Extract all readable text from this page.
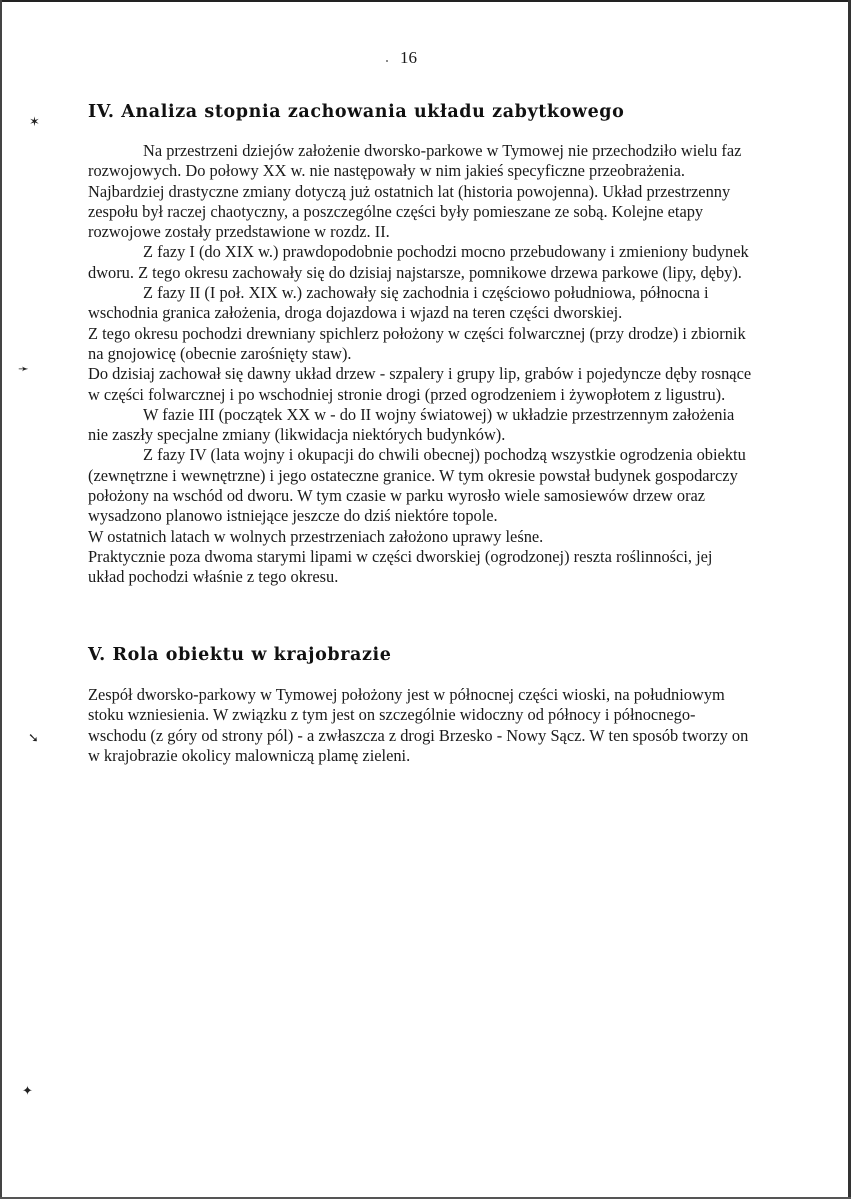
16
✶
➛
➘
✦
IV. Analiza stopnia zachowania układu zabytkowego

Na przestrzeni dziejów założenie dworsko-parkowe w Tymowej nie przechodziło wielu faz rozwojowych. Do połowy XX w. nie następowały w nim jakieś specyficzne przeobrażenia. Najbardziej drastyczne zmiany dotyczą już ostatnich lat (historia powojenna). Układ przestrzenny zespołu był raczej chaotyczny, a poszczególne części były pomieszane ze sobą. Kolejne etapy rozwojowe zostały przedstawione w rozdz. II.

Z fazy I (do XIX w.) prawdopodobnie pochodzi mocno przebudowany i zmieniony budynek dworu. Z tego okresu zachowały się do dzisiaj najstarsze, pomnikowe drzewa parkowe (lipy, dęby).

Z fazy II (I poł. XIX w.) zachowały się zachodnia i częściowo południowa, północna i wschodnia granica założenia, droga dojazdowa i wjazd na teren części dworskiej.

Z tego okresu pochodzi drewniany spichlerz położony w części folwarcznej (przy drodze) i zbiornik na gnojowicę (obecnie zarośnięty staw).

Do dzisiaj zachował się dawny układ drzew - szpalery i grupy lip, grabów i pojedyncze dęby rosnące w części folwarcznej i po wschodniej stronie drogi (przed ogrodzeniem i żywopłotem z ligustru).

W fazie III (początek XX w - do II wojny światowej) w układzie przestrzennym założenia nie zaszły specjalne zmiany (likwidacja niektórych budynków).

Z fazy IV (lata wojny i okupacji do chwili obecnej) pochodzą wszystkie ogrodzenia obiektu (zewnętrzne i wewnętrzne) i jego ostateczne granice. W tym okresie powstał budynek gospodarczy położony na wschód od dworu. W tym czasie w parku wyrosło wiele samosiewów drzew oraz wysadzono planowo istniejące jeszcze do dziś niektóre topole.

W ostatnich latach w wolnych przestrzeniach założono uprawy leśne.

Praktycznie poza dwoma starymi lipami w części dworskiej (ogrodzonej) reszta roślinności, jej układ pochodzi właśnie z tego okresu.

V. Rola obiektu w krajobrazie

Zespół dworsko-parkowy w Tymowej położony jest w północnej części wioski, na południowym stoku wzniesienia. W związku z tym jest on szczególnie widoczny od północy i północnego-wschodu (z góry od strony pól) - a zwłaszcza z drogi Brzesko - Nowy Sącz. W ten sposób tworzy on w krajobrazie okolicy malowniczą plamę zieleni.
